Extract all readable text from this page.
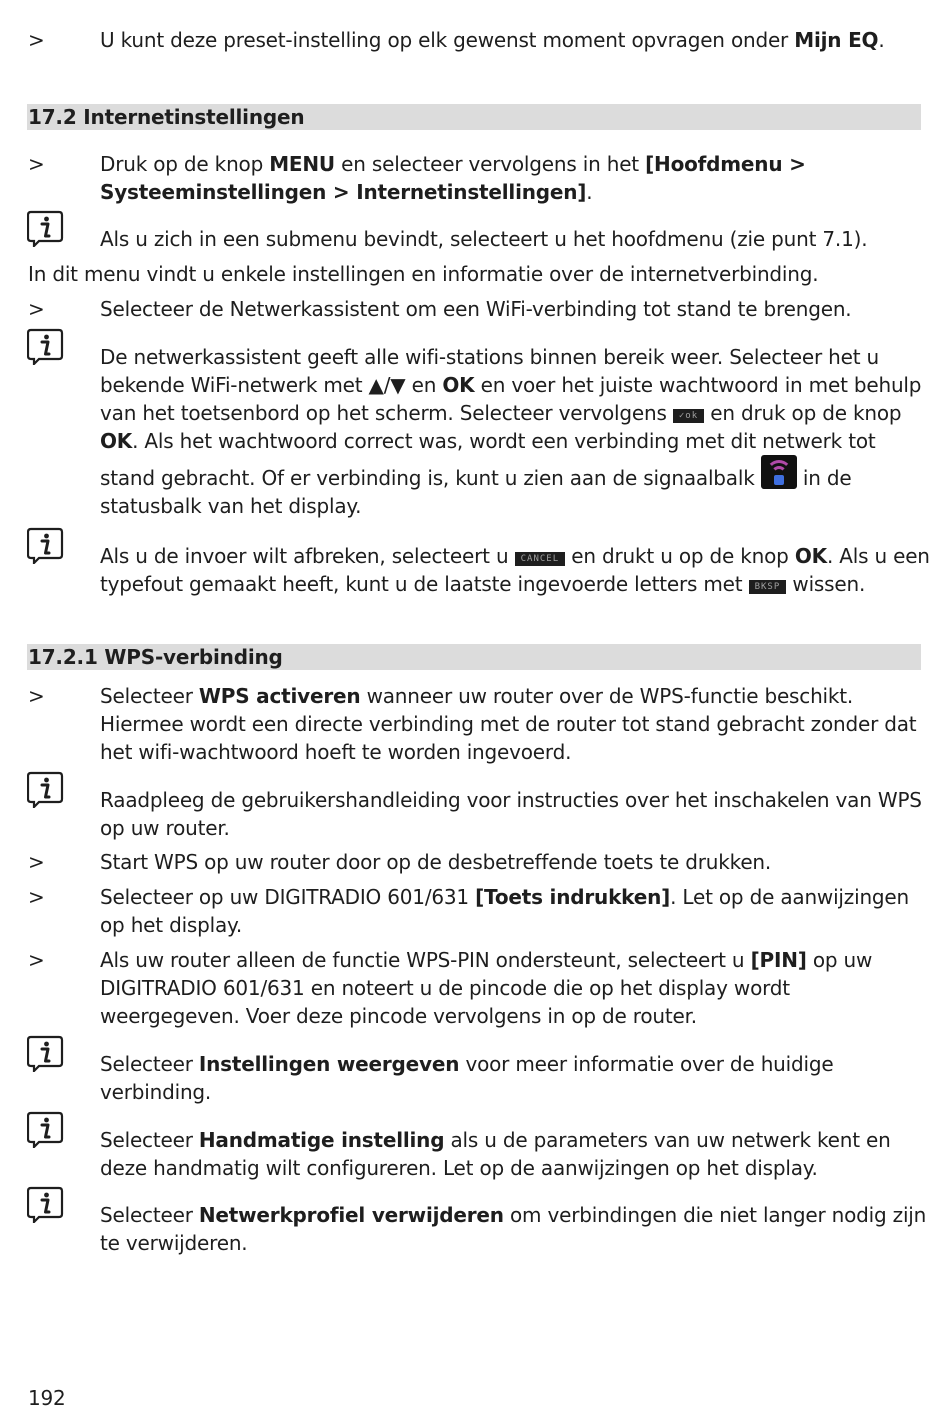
>	U kunt deze preset-instelling op elk gewenst moment opvragen onder Mijn EQ.
17.2 Internetinstellingen
>	Druk op de knop MENU en selecteer vervolgens in het [Hoofdmenu > Systeeminstellingen > Internetinstellingen].
Als u zich in een submenu bevindt, selecteert u het hoofdmenu (zie punt 7.1).
In dit menu vindt u enkele instellingen en informatie over de internetverbinding.
>	Selecteer de Netwerkassistent om een WiFi-verbinding tot stand te brengen.
De netwerkassistent geeft alle wifi-stations binnen bereik weer. Selecteer het u bekende WiFi-netwerk met ▲/▼ en OK en voer het juiste wachtwoord in met behulp van het toetsenbord op het scherm. Selecteer vervolgens ✓ok en druk op de knop OK. Als het wachtwoord correct was, wordt een verbinding met dit netwerk tot stand gebracht. Of er verbinding is, kunt u zien aan de signaalbalk
in de statusbalk van het display.
Als u de invoer wilt afbreken, selecteert u CANCEL en drukt u op de knop OK. Als u een typefout gemaakt heeft, kunt u de laatste ingevoerde letters met BKSP wissen.
17.2.1 WPS-verbinding
>	Selecteer WPS activeren wanneer uw router over de WPS-functie beschikt. Hiermee wordt een directe verbinding met de router tot stand gebracht zonder dat het wifi-wachtwoord hoeft te worden ingevoerd.
Raadpleeg de gebruikershandleiding voor instructies over het inschakelen van WPS op uw router.
>	Start WPS op uw router door op de desbetreffende toets te drukken.
>	Selecteer op uw DIGITRADIO 601/631 [Toets indrukken]. Let op de aanwijzingen op het display.
>	Als uw router alleen de functie WPS-PIN ondersteunt, selecteert u [PIN] op uw DIGITRADIO 601/631 en noteert u de pincode die op het display wordt weergegeven. Voer deze pincode vervolgens in op de router.
Selecteer Instellingen weergeven voor meer informatie over de huidige verbinding.
Selecteer Handmatige instelling als u de parameters van uw netwerk kent en deze handmatig wilt configureren. Let op de aanwijzingen op het display.
Selecteer Netwerkprofiel verwijderen om verbindingen die niet langer nodig zijn te verwijderen.
192
